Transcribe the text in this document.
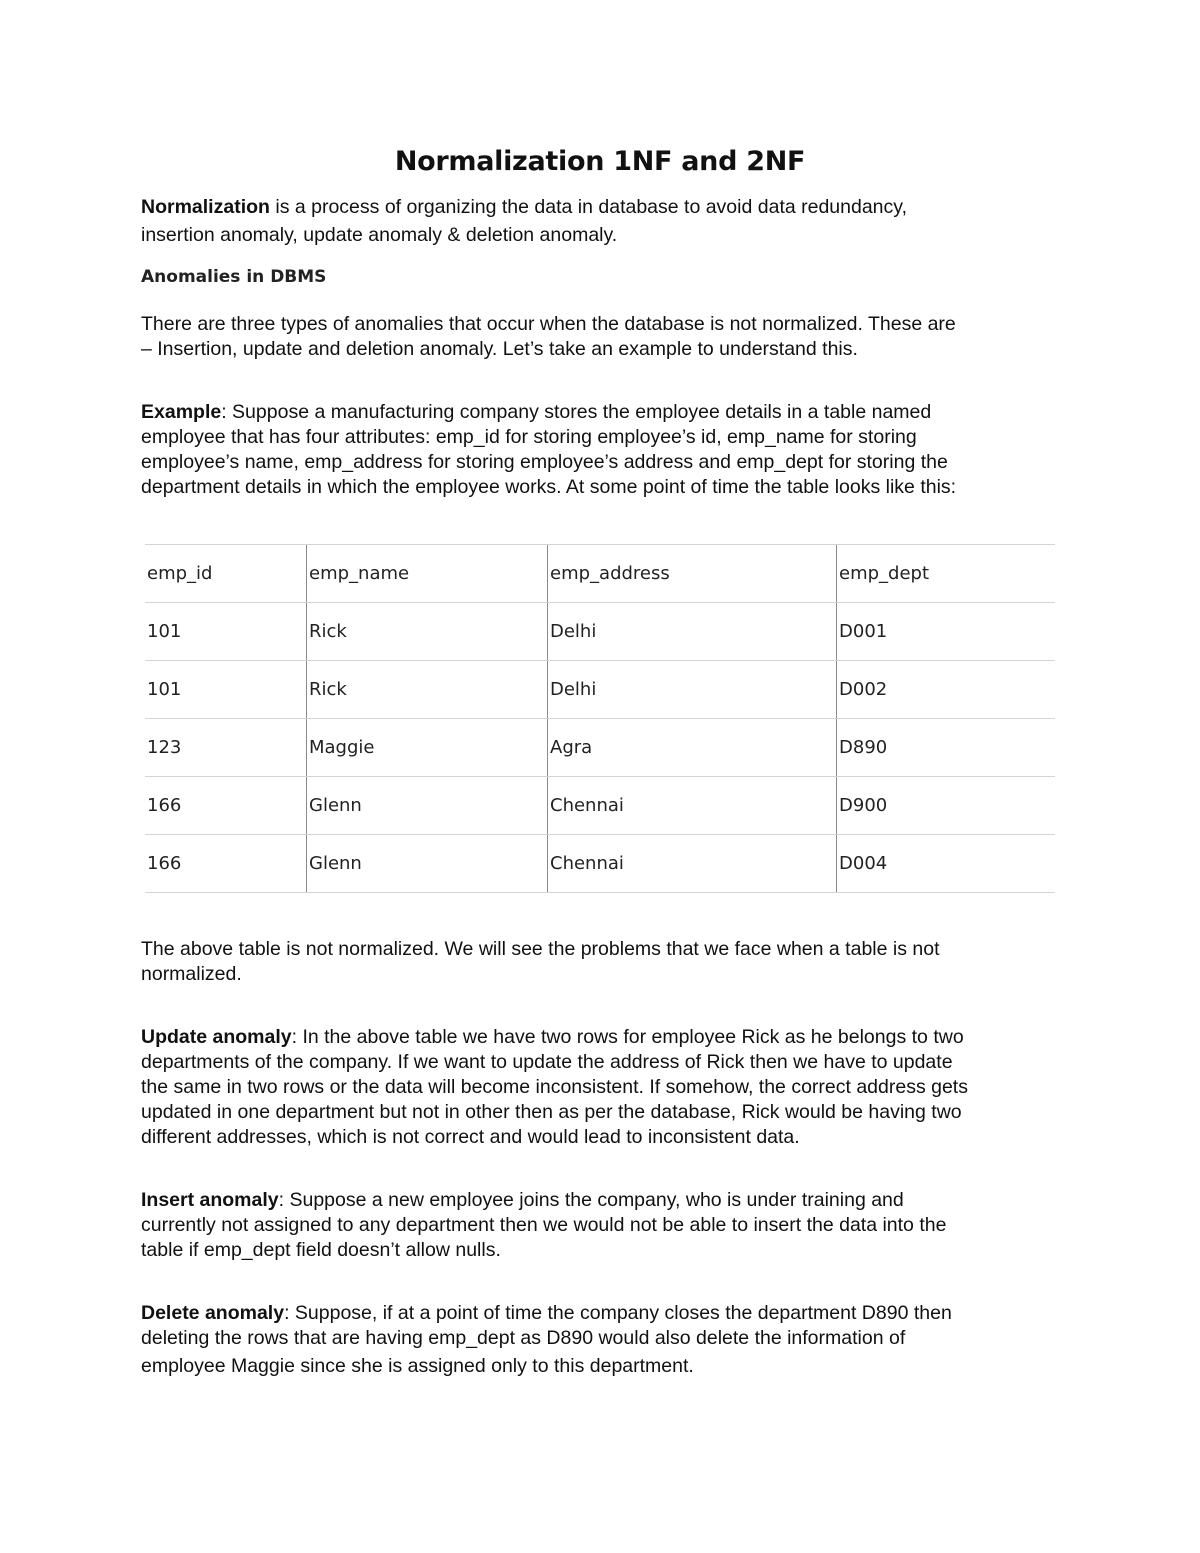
Normalization 1NF and 2NF

Normalization is a process of organizing the data in database to avoid data redundancy,
insertion anomaly, update anomaly & deletion anomaly.

Anomalies in DBMS

There are three types of anomalies that occur when the database is not normalized. These are
– Insertion, update and deletion anomaly. Let’s take an example to understand this.

Example: Suppose a manufacturing company stores the employee details in a table named
employee that has four attributes: emp_id for storing employee’s id, emp_name for storing
employee’s name, emp_address for storing employee’s address and emp_dept for storing the
department details in which the employee works. At some point of time the table looks like this:

emp_id	emp_name	emp_address	emp_dept
101	Rick	Delhi	D001
101	Rick	Delhi	D002
123	Maggie	Agra	D890
166	Glenn	Chennai	D900
166	Glenn	Chennai	D004

The above table is not normalized. We will see the problems that we face when a table is not
normalized.

Update anomaly: In the above table we have two rows for employee Rick as he belongs to two
departments of the company. If we want to update the address of Rick then we have to update
the same in two rows or the data will become inconsistent. If somehow, the correct address gets
updated in one department but not in other then as per the database, Rick would be having two
different addresses, which is not correct and would lead to inconsistent data.

Insert anomaly: Suppose a new employee joins the company, who is under training and
currently not assigned to any department then we would not be able to insert the data into the
table if emp_dept field doesn’t allow nulls.

Delete anomaly: Suppose, if at a point of time the company closes the department D890 then
deleting the rows that are having emp_dept as D890 would also delete the information of
employee Maggie since she is assigned only to this department.
